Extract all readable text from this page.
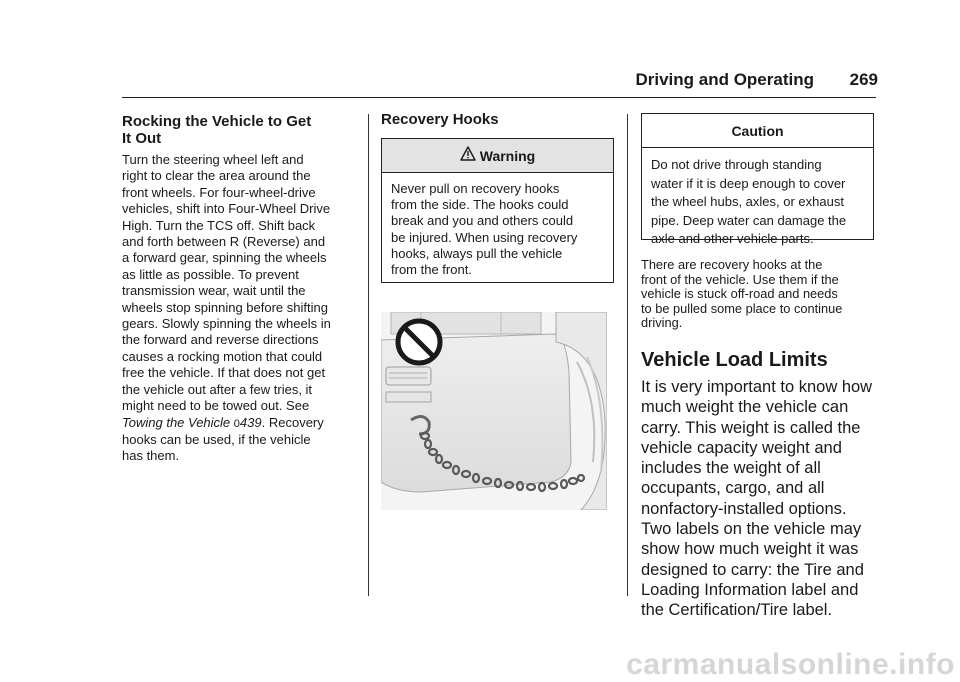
Driving and Operating	269
Rocking the Vehicle to Get
It Out
Turn the steering wheel left and
right to clear the area around the
front wheels. For four-wheel-drive
vehicles, shift into Four-Wheel Drive
High. Turn the TCS off. Shift back
and forth between R (Reverse) and
a forward gear, spinning the wheels
as little as possible. To prevent
transmission wear, wait until the
wheels stop spinning before shifting
gears. Slowly spinning the wheels in
the forward and reverse directions
causes a rocking motion that could
free the vehicle. If that does not get
the vehicle out after a few tries, it
might need to be towed out. See
Towing the Vehicle 0439. Recovery
hooks can be used, if the vehicle
has them.
Recovery Hooks
Warning
Never pull on recovery hooks
from the side. The hooks could
break and you and others could
be injured. When using recovery
hooks, always pull the vehicle
from the front.
Caution
Do not drive through standing
water if it is deep enough to cover
the wheel hubs, axles, or exhaust
pipe. Deep water can damage the
axle and other vehicle parts.
There are recovery hooks at the
front of the vehicle. Use them if the
vehicle is stuck off-road and needs
to be pulled some place to continue
driving.
Vehicle Load Limits
It is very important to know how
much weight the vehicle can
carry. This weight is called the
vehicle capacity weight and
includes the weight of all
occupants, cargo, and all
nonfactory-installed options.
Two labels on the vehicle may
show how much weight it was
designed to carry: the Tire and
Loading Information label and
the Certification/Tire label.
carmanualsonline.info
